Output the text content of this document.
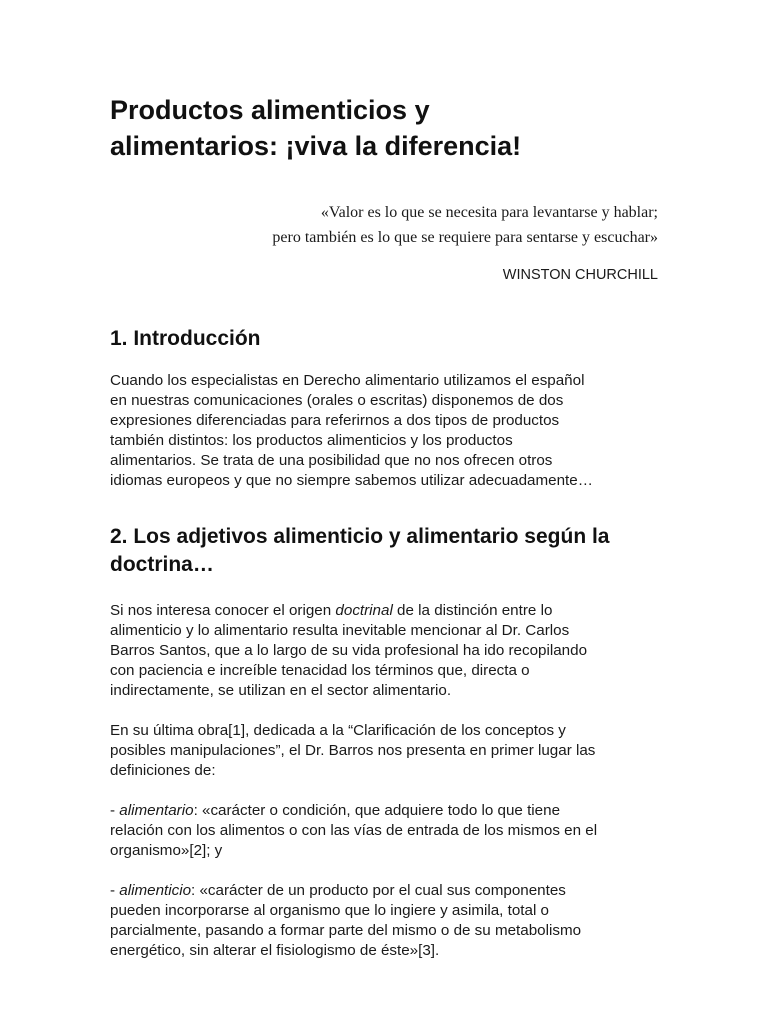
Productos alimenticios y
alimentarios: ¡viva la diferencia!
«Valor es lo que se necesita para levantarse y hablar;
pero también es lo que se requiere para sentarse y escuchar»
WINSTON CHURCHILL
1. Introducción

Cuando los especialistas en Derecho alimentario utilizamos el español
en nuestras comunicaciones (orales o escritas) disponemos de dos
expresiones diferenciadas para referirnos a dos tipos de productos
también distintos: los productos alimenticios y los productos
alimentarios. Se trata de una posibilidad que no nos ofrecen otros
idiomas europeos y que no siempre sabemos utilizar adecuadamente…

2. Los adjetivos alimenticio y alimentario según la
doctrina…

Si nos interesa conocer el origen doctrinal de la distinción entre lo
alimenticio y lo alimentario resulta inevitable mencionar al Dr. Carlos
Barros Santos, que a lo largo de su vida profesional ha ido recopilando
con paciencia e increíble tenacidad los términos que, directa o
indirectamente, se utilizan en el sector alimentario.

En su última obra[1], dedicada a la “Clarificación de los conceptos y
posibles manipulaciones”, el Dr. Barros nos presenta en primer lugar las
definiciones de:

- alimentario: «carácter o condición, que adquiere todo lo que tiene
relación con los alimentos o con las vías de entrada de los mismos en el
organismo»[2]; y

- alimenticio: «carácter de un producto por el cual sus componentes
pueden incorporarse al organismo que lo ingiere y asimila, total o
parcialmente, pasando a formar parte del mismo o de su metabolismo
energético, sin alterar el fisiologismo de éste»[3].
